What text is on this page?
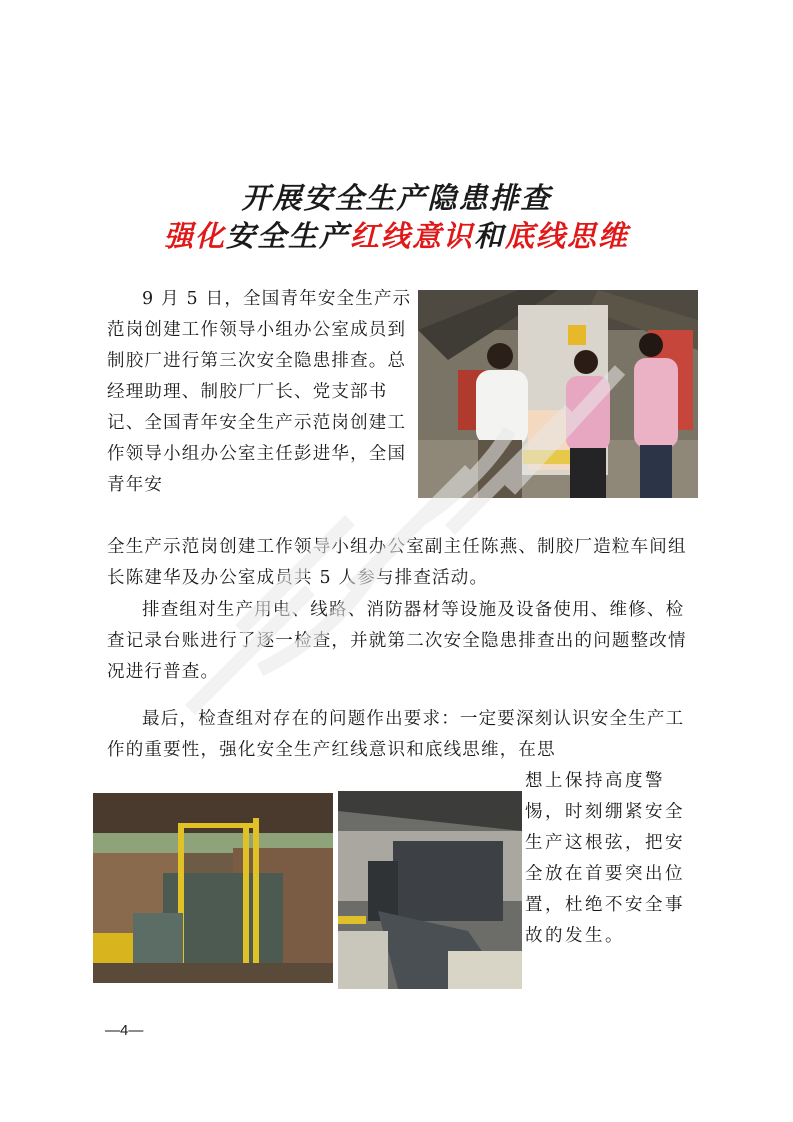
开展安全生产隐患排查
强化安全生产红线意识和底线思维

9 月 5 日，全国青年安全生产示范岗创建工作领导小组办公室成员到制胶厂进行第三次安全隐患排查。总经理助理、制胶厂厂长、党支部书记、全国青年安全生产示范岗创建工作领导小组办公室主任彭进华，全国青年安

全生产示范岗创建工作领导小组办公室副主任陈燕、制胶厂造粒车间组长陈建华及办公室成员共 5 人参与排查活动。

排查组对生产用电、线路、消防器材等设施及设备使用、维修、检查记录台账进行了逐一检查，并就第二次安全隐患排查出的问题整改情况进行普查。

最后，检查组对存在的问题作出要求：一定要深刻认识安全生产工作的重要性，强化安全生产红线意识和底线思维，在思

想上保持高度警惕，时刻绷紧安全生产这根弦，把安全放在首要突出位置，杜绝不安全事故的发生。

—4—
